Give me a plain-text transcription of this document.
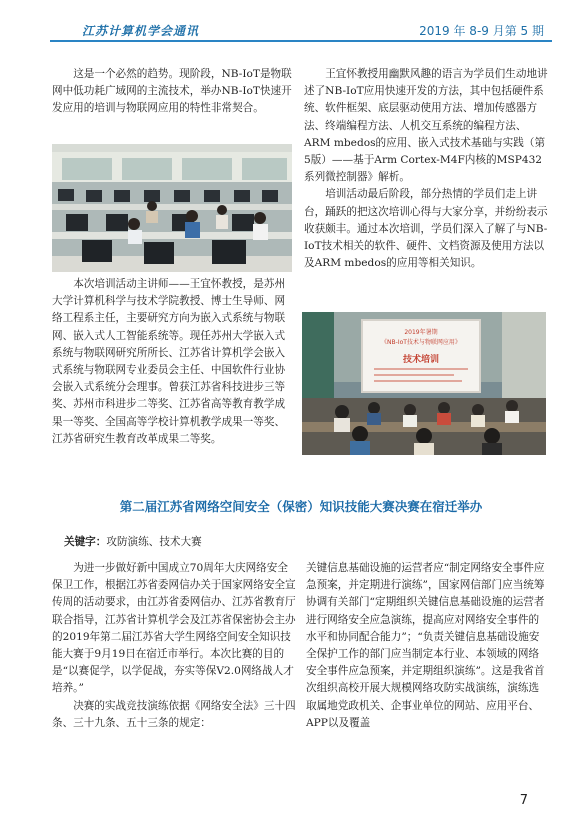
江苏计算机学会通讯	2019 年 8-9 月第 5 期

这是一个必然的趋势。现阶段，NB-IoT是物联网中低功耗广域网的主流技术，举办NB-IoT快速开发应用的培训与物联网应用的特性非常契合。

本次培训活动主讲师——王宜怀教授，是苏州大学计算机科学与技术学院教授、博士生导师、网络工程系主任，主要研究方向为嵌入式系统与物联网、嵌入式人工智能系统等。现任苏州大学嵌入式系统与物联网研究所所长、江苏省计算机学会嵌入式系统与物联网专业委员会主任、中国软件行业协会嵌入式系统分会理事。曾获江苏省科技进步三等奖、苏州市科进步二等奖、江苏省高等教育教学成果一等奖、全国高等学校计算机教学成果一等奖、江苏省研究生教育改革成果二等奖。

王宜怀教授用幽默风趣的语言为学员们生动地讲述了NB-IoT应用快速开发的方法，其中包括硬件系统、软件框架、底层驱动使用方法、增加传感器方法、终端编程方法、人机交互系统的编程方法、ARM mbedos的应用、嵌入式技术基础与实践（第5版）——基于Arm Cortex-M4F内核的MSP432系列微控制器》解析。

培训活动最后阶段，部分热情的学员们走上讲台，踊跃的把这次培训心得与大家分享，并纷纷表示收获颇丰。通过本次培训，学员们深入了解了与NB-IoT技术相关的软件、硬件、文档资源及使用方法以及ARM mbedos的应用等相关知识。

2019年暑期
《NB-IoT技术与物联网应用》
技术培训
第二届江苏省网络空间安全（保密）知识技能大赛决赛在宿迁举办
关键字：攻防演练、技术大赛

为进一步做好新中国成立70周年大庆网络安全保卫工作，根据江苏省委网信办关于国家网络安全宣传周的活动要求，由江苏省委网信办、江苏省教育厅联合指导，江苏省计算机学会及江苏省保密协会主办的2019年第二届江苏省大学生网络空间安全知识技能大赛于9月19日在宿迁市举行。本次比赛的目的是“以赛促学，以学促战，夯实等保V2.0网络战人才培养。”

决赛的实战竞技演练依据《网络安全法》三十四条、三十九条、五十三条的规定：

关键信息基础设施的运营者应“制定网络安全事件应急预案，并定期进行演练”，国家网信部门应当统筹协调有关部门“定期组织关键信息基础设施的运营者进行网络安全应急演练，提高应对网络安全事件的水平和协同配合能力”；“负责关键信息基础设施安全保护工作的部门应当制定本行业、本领域的网络安全事件应急预案，并定期组织演练”。这是我省首次组织高校开展大规模网络攻防实战演练，演练选取属地党政机关、企事业单位的网站、应用平台、APP以及覆盖

7
